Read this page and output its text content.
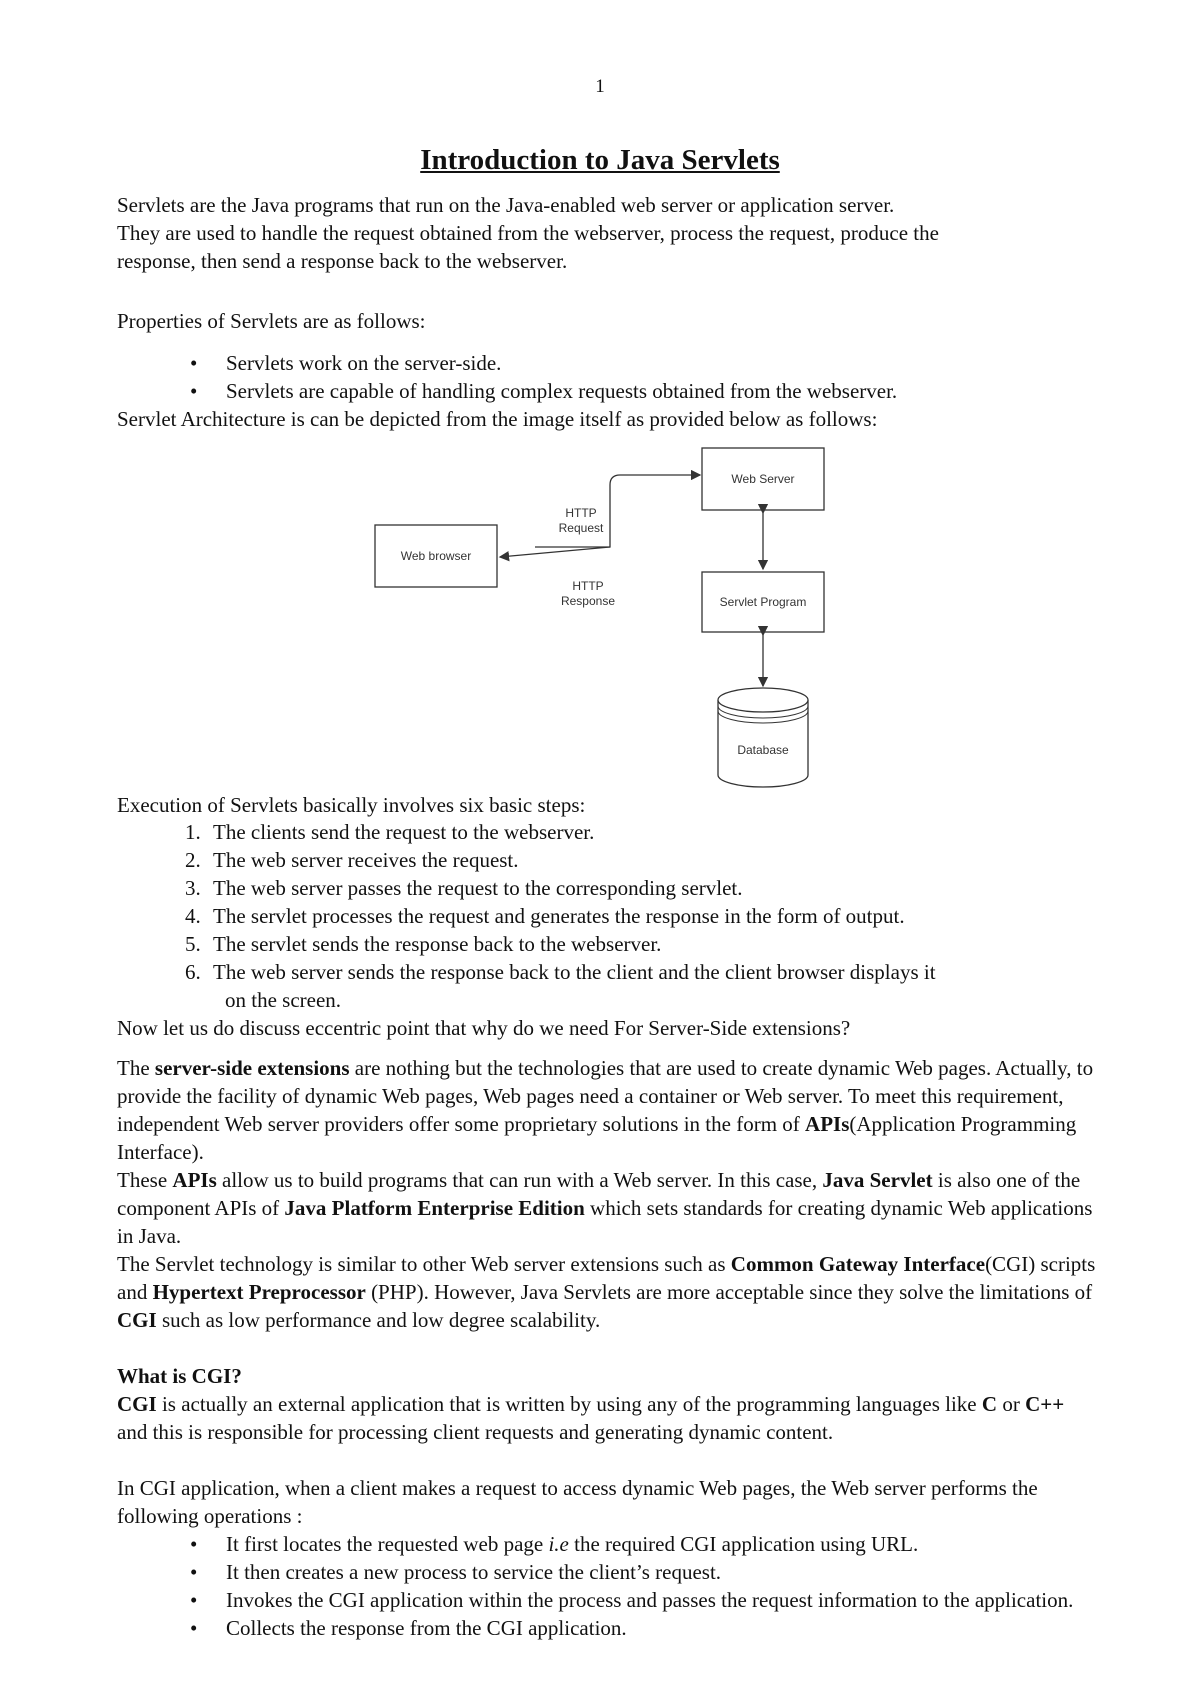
1
Introduction to Java Servlets

Servlets are the Java programs that run on the Java-enabled web server or application server.
They are used to handle the request obtained from the webserver, process the request, produce the
response, then send a response back to the webserver.

Properties of Servlets are as follows:

• Servlets work on the server-side.
• Servlets are capable of handling complex requests obtained from the webserver.

Servlet Architecture is can be depicted from the image itself as provided below as follows:

Web Server
Web browser
Servlet Program
Database
HTTP
Request
HTTP
Response

Execution of Servlets basically involves six basic steps:

1. The clients send the request to the webserver.
2. The web server receives the request.
3. The web server passes the request to the corresponding servlet.
4. The servlet processes the request and generates the response in the form of output.
5. The servlet sends the response back to the webserver.
6. The web server sends the response back to the client and the client browser displays it
on the screen.

Now let us do discuss eccentric point that why do we need For Server-Side extensions?

The server-side extensions are nothing but the technologies that are used to create dynamic Web pages. Actually, to provide the facility of dynamic Web pages, Web pages need a container or Web server. To meet this requirement, independent Web server providers offer some proprietary solutions in the form of APIs(Application Programming Interface).

These APIs allow us to build programs that can run with a Web server. In this case, Java Servlet is also one of the component APIs of Java Platform Enterprise Edition which sets standards for creating dynamic Web applications in Java.

The Servlet technology is similar to other Web server extensions such as Common Gateway Interface(CGI) scripts and Hypertext Preprocessor (PHP). However, Java Servlets are more acceptable since they solve the limitations of CGI such as low performance and low degree scalability.

What is CGI?

CGI is actually an external application that is written by using any of the programming languages like C or C++ and this is responsible for processing client requests and generating dynamic content.

In CGI application, when a client makes a request to access dynamic Web pages, the Web server performs the following operations :

• It first locates the requested web page i.e the required CGI application using URL.
• It then creates a new process to service the client’s request.
• Invokes the CGI application within the process and passes the request information to the application.
• Collects the response from the CGI application.
